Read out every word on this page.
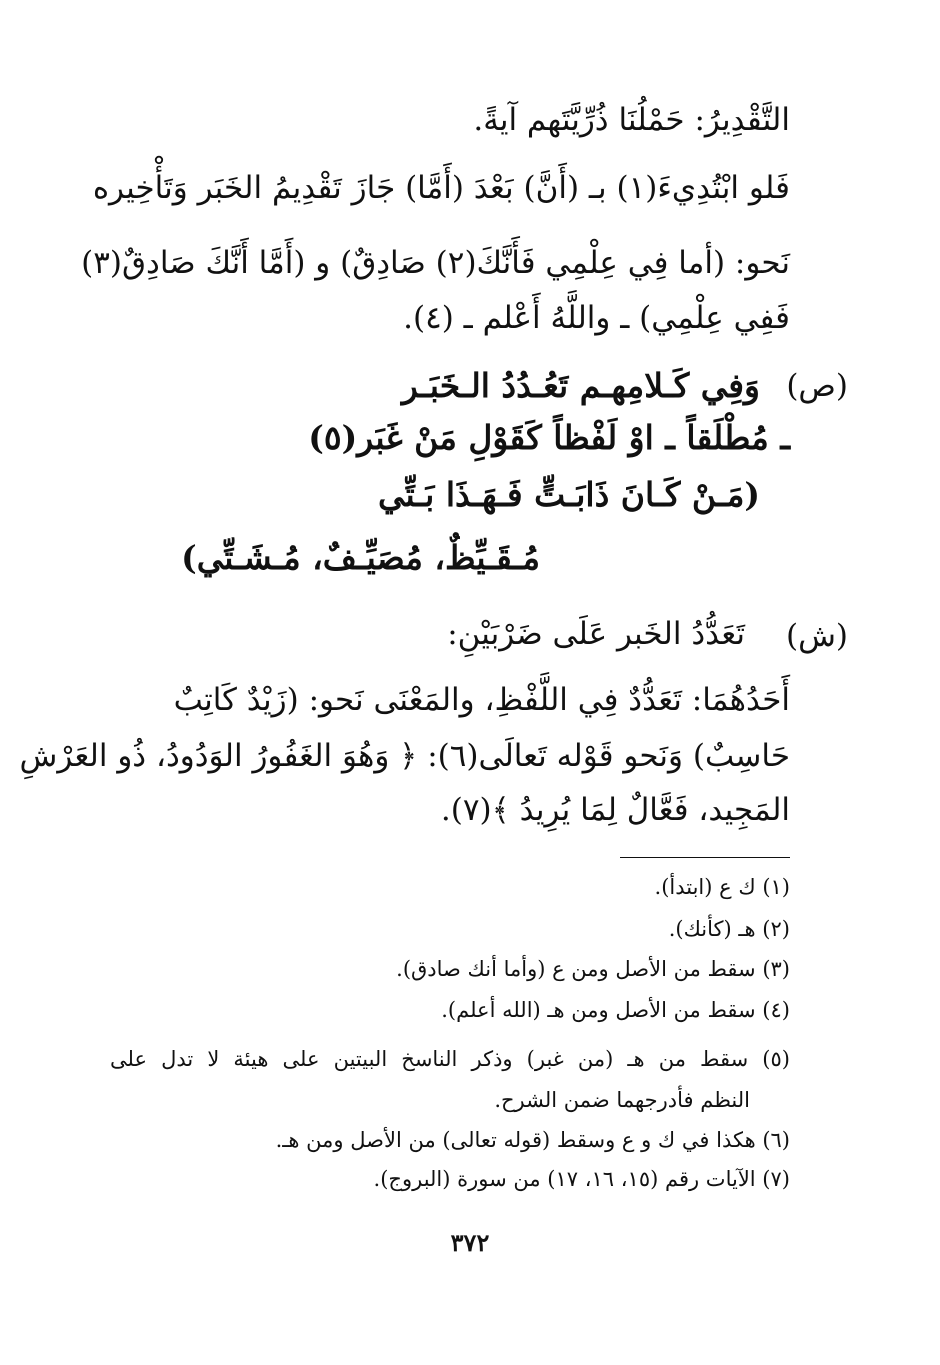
التَّقْدِيرُ: حَمْلُنَا ذُرِّيَّتَهم آيةً.
فَلو ابْتُدِيءَ(١) بـ (أَنَّ) بَعْدَ (أَمَّا) جَازَ تَقْدِيمُ الخَبَر وَتَأْخِيره
نَحو: (أما فِي عِلْمِي فَأَنَّكَ(٢) صَادِقٌ) و (أَمَّا أَنَّكَ صَادِقٌ(٣)
فَفِي عِلْمِي) ـ واللَّهُ أَعْلم ـ (٤).
(ص)
وَفِي كَـلامِهـم تَعُـدُدُ الـخَبَـر
ـ مُطْلَقاً ـ اوْ لَفْظاً كَقَوْلِ مَنْ غَبَر(٥)
(مَـنْ كَـانَ ذَابَـتٍّ فَـهَـذَا بَـتِّي
مُـقَـيِّظٌ، مُصَيِّـفٌ، مُـشَـتِّي)
(ش)
تَعَدُّدُ الخَبر عَلَى ضَرْبَيْنِ:
أَحَدُهُمَا: تَعَدُّدٌ فِي اللَّفْظِ، والمَعْنَى نَحو: (زَيْدٌ كَاتِبٌ
حَاسِبٌ) وَنَحو قَوْله تَعالَى(٦): ﴿ وَهُوَ الغَفُورُ الوَدُودُ، ذُو العَرْشِ
المَجِيد، فَعَّالٌ لِمَا يُرِيدُ ﴾(٧).
(١) ك ع (ابتدأ).
(٢) هـ (كأنك).
(٣) سقط من الأصل ومن ع (وأما أنك صادق).
(٤) سقط من الأصل ومن هـ (الله أعلم).
(٥) سقط من هـ (من غبر) وذكر الناسخ البيتين على هيئة لا تدل على
النظم فأدرجهما ضمن الشرح.
(٦) هكذا في ك و ع وسقط (قوله تعالى) من الأصل ومن هـ.
(٧) الآيات رقم (١٥، ١٦، ١٧) من سورة (البروج).
٣٧٢
